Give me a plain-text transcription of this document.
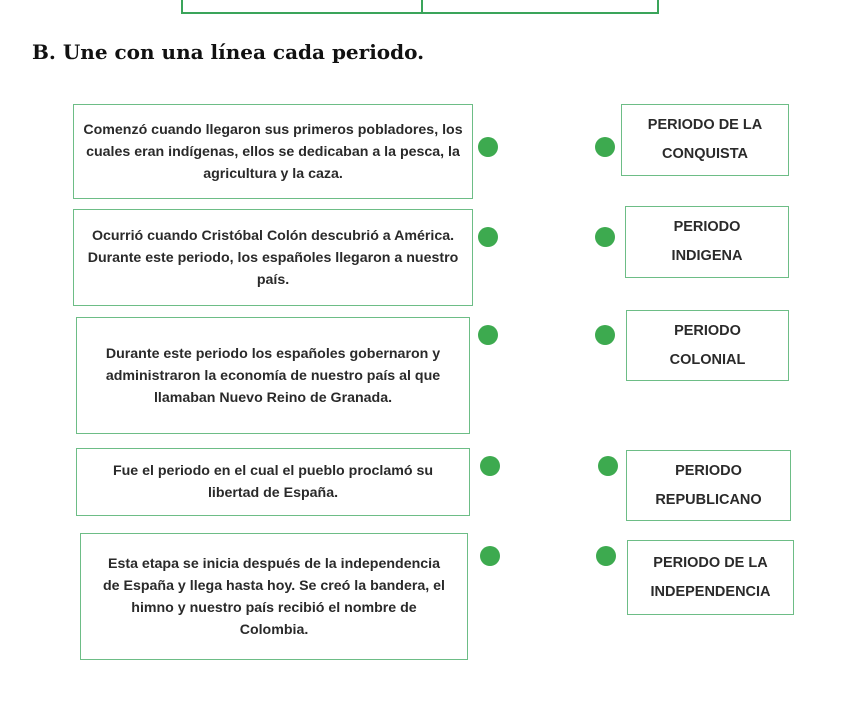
B. Une con una línea cada periodo.
Comenzó cuando llegaron sus primeros pobladores, los cuales eran indígenas, ellos se dedicaban a la pesca, la agricultura y la caza.
Ocurrió cuando Cristóbal Colón descubrió a América. Durante este periodo, los españoles llegaron a nuestro país.
Durante este periodo los españoles gobernaron y administraron la economía de nuestro país al que llamaban Nuevo Reino de Granada.
Fue el periodo en el cual el pueblo proclamó su libertad de España.
Esta etapa se inicia después de la independencia de España y llega hasta hoy. Se creó la bandera, el himno y nuestro país recibió el nombre de Colombia.
PERIODO DE LA CONQUISTA
PERIODO INDIGENA
PERIODO COLONIAL
PERIODO REPUBLICANO
PERIODO DE LA INDEPENDENCIA
